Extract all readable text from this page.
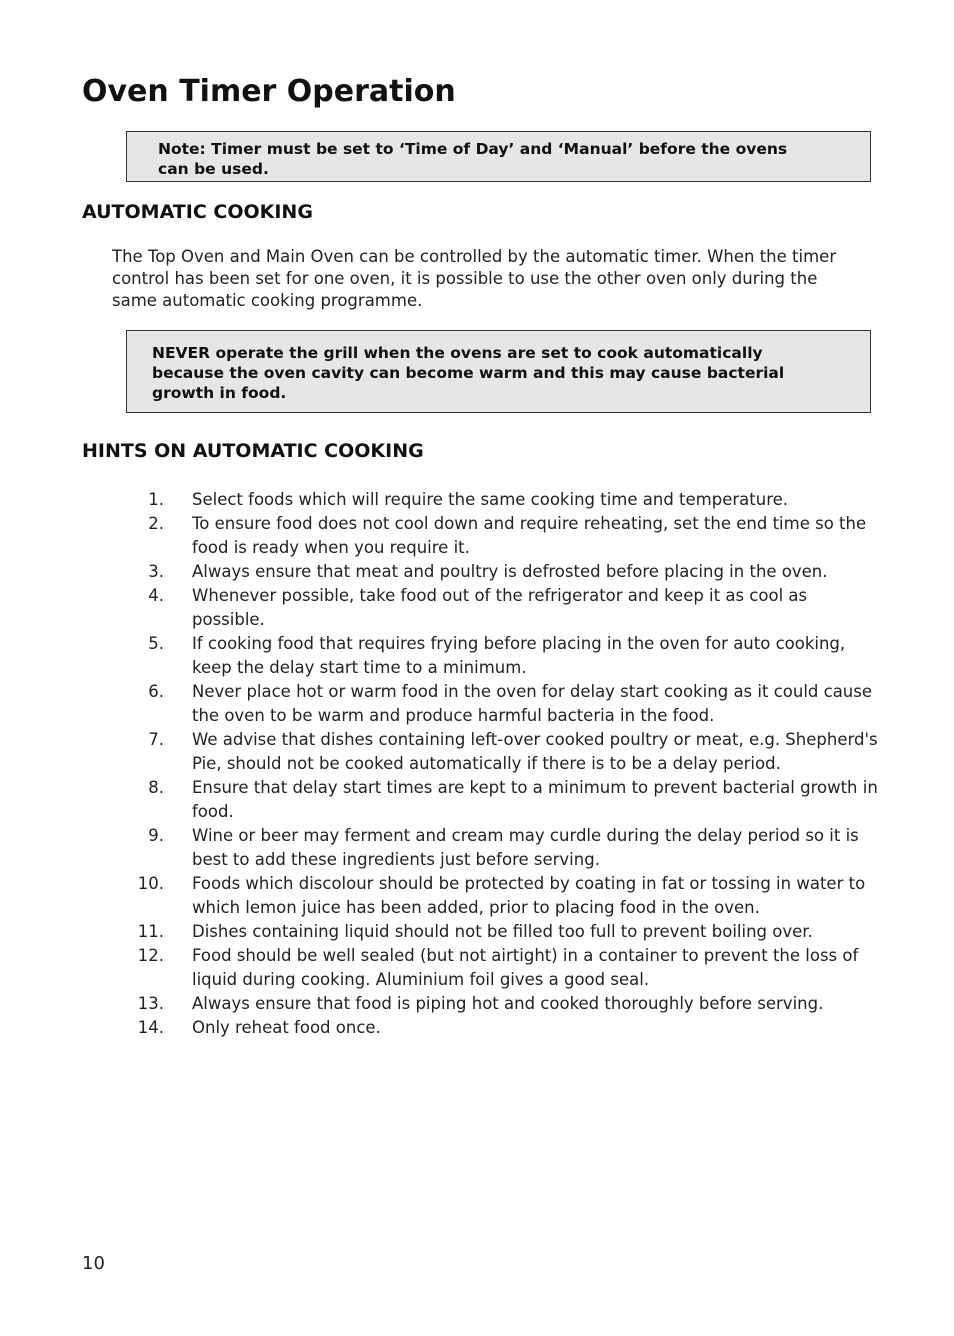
Oven Timer Operation
Note: Timer must be set to ‘Time of Day’ and ‘Manual’ before the ovens can be used.
AUTOMATIC COOKING

The Top Oven and Main Oven can be controlled by the automatic timer. When the timer control has been set for one oven, it is possible to use the other oven only during the same automatic cooking programme.

NEVER operate the grill when the ovens are set to cook automatically because the oven cavity can become warm and this may cause bacterial growth in food.
HINTS ON AUTOMATIC COOKING
1. Select foods which will require the same cooking time and temperature.
2. To ensure food does not cool down and require reheating, set the end time so the food is ready when you require it.
3. Always ensure that meat and poultry is defrosted before placing in the oven.
4. Whenever possible, take food out of the refrigerator and keep it as cool as possible.
5. If cooking food that requires frying before placing in the oven for auto cooking, keep the delay start time to a minimum.
6. Never place hot or warm food in the oven for delay start cooking as it could cause the oven to be warm and produce harmful bacteria in the food.
7. We advise that dishes containing left-over cooked poultry or meat, e.g. Shepherd's Pie, should not be cooked automatically if there is to be a delay period.
8. Ensure that delay start times are kept to a minimum to prevent bacterial growth in food.
9. Wine or beer may ferment and cream may curdle during the delay period so it is best to add these ingredients just before serving.
10. Foods which discolour should be protected by coating in fat or tossing in water to which lemon juice has been added, prior to placing food in the oven.
11. Dishes containing liquid should not be filled too full to prevent boiling over.
12. Food should be well sealed (but not airtight) in a container to prevent the loss of liquid during cooking. Aluminium foil gives a good seal.
13. Always ensure that food is piping hot and cooked thoroughly before serving.
14. Only reheat food once.
10
